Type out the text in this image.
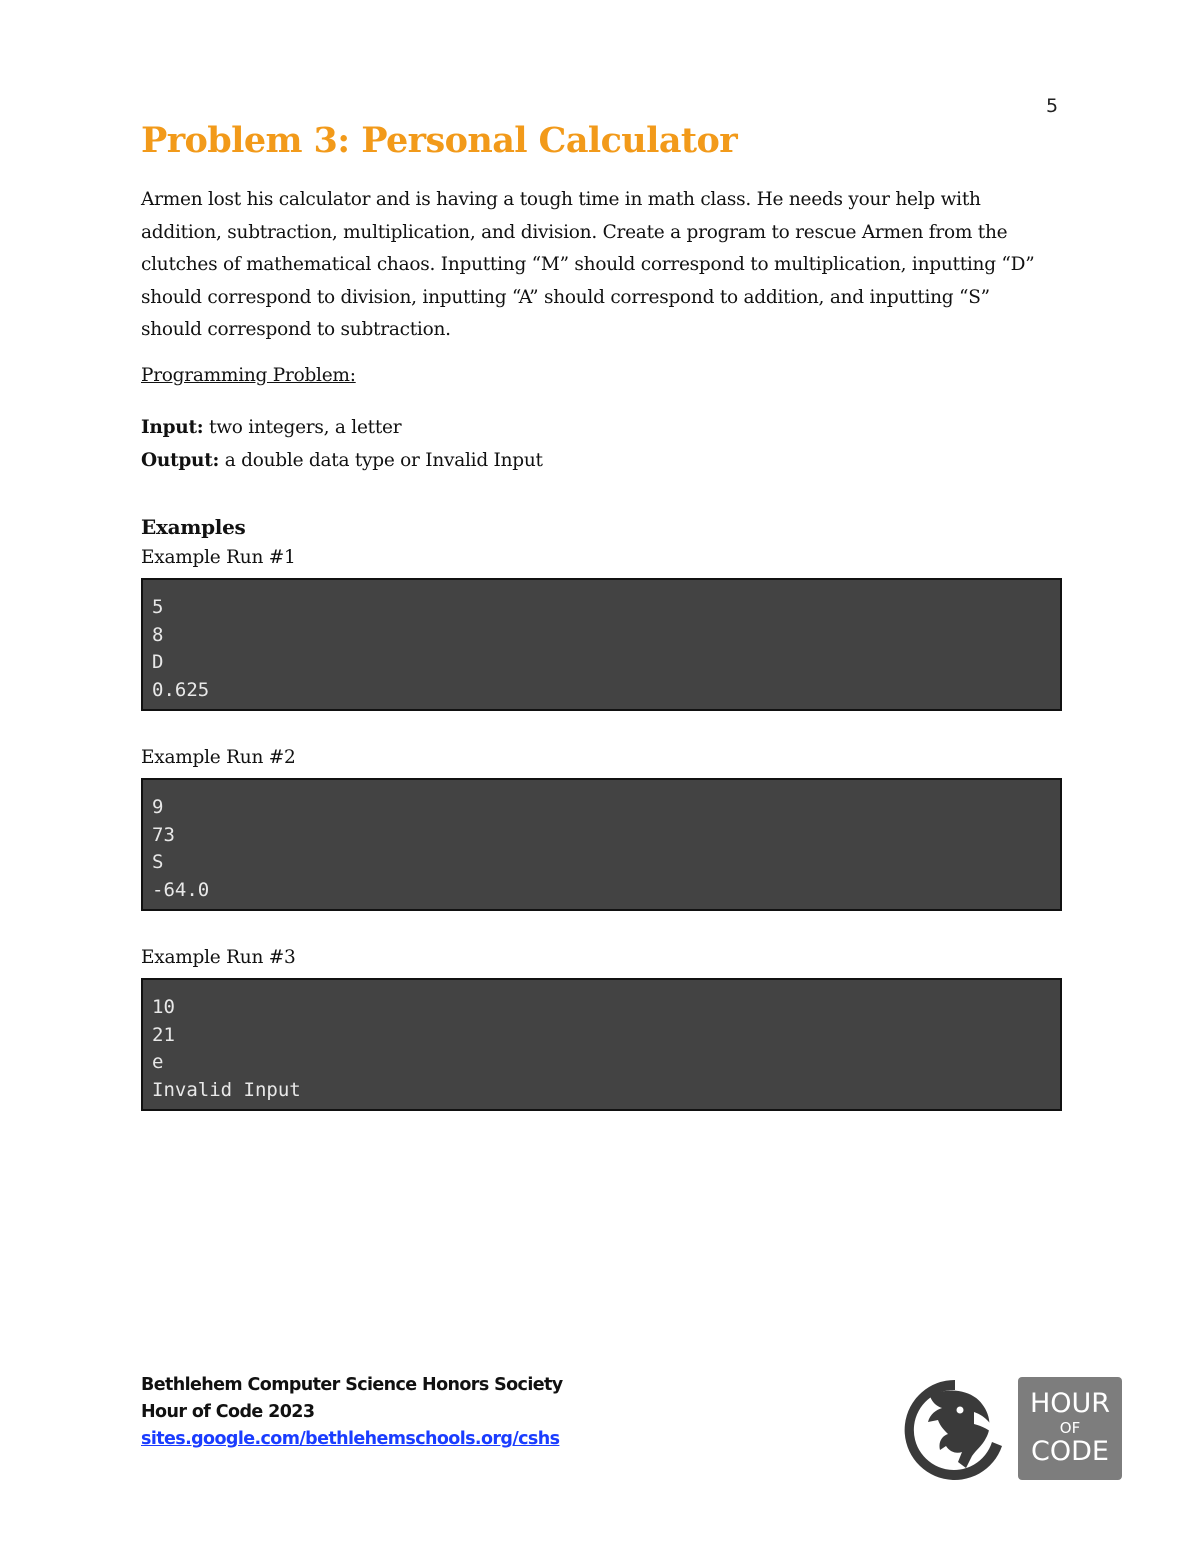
5
Problem 3: Personal Calculator

Armen lost his calculator and is having a tough time in math class. He needs your help with addition, subtraction, multiplication, and division. Create a program to rescue Armen from the clutches of mathematical chaos. Inputting “M” should correspond to multiplication, inputting “D” should correspond to division, inputting “A” should correspond to addition, and inputting “S” should correspond to subtraction.

Programming Problem:
Input: two integers, a letter
Output: a double data type or Invalid Input
Examples
Example Run #1
5
8
D
0.625
Example Run #2
9
73
S
-64.0
Example Run #3
10
21
e
Invalid Input
Bethlehem Computer Science Honors Society
Hour of Code 2023
sites.google.com/bethlehemschools.org/cshs
HOUR
OF
CODE
